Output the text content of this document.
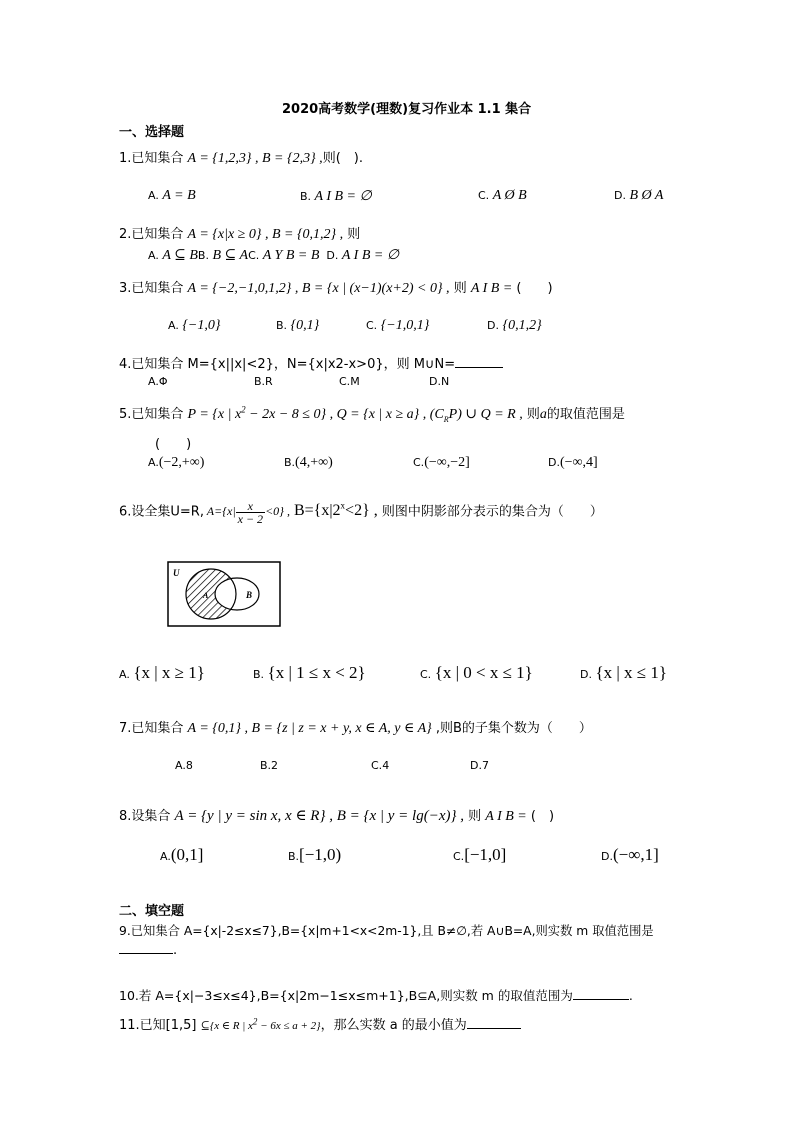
2020高考数学(理数)复习作业本 1.1 集合
一、选择题
1.已知集合 A = {1,2,3} , B = {2,3} ,则(　).
A. A = B	B. A I B = ∅	C. A Ø B	D. B Ø A
2.已知集合 A = {x|x ≥ 0} , B = {0,1,2} , 则
A. A ⊆ BB. B ⊆ AC. A Y B = B D. A I B = ∅
3.已知集合 A = {−2,−1,0,1,2} , B = {x | (x−1)(x+2) < 0} , 则 A I B = (　　)
A. {−1,0}	B. {0,1}	C. {−1,0,1}	D. {0,1,2}
4.已知集合 M={x||x|<2}，N={x|x2-x>0}，则 M∪N=
A.Φ	B.R	C.M	D.N
5.已知集合 P = {x | $x^2 - 2x - 8 \le 0$} , Q = {x | x ≥ a} , $(C_RP)$ ∪ Q = R , 则a的取值范围是
(　　)
A.(−2,+∞)	B.(4,+∞)	C.(−∞,−2]	D.(−∞,4]
6.设全集U=R, $A=\{x| \frac{x}{x - 2} <0\}$ , $B=\{x|2^x<2\}$ , 则图中阴影部分表示的集合为（　　）
U
A	B
A. {x | x ≥ 1}	B. {x | 1 ≤ x < 2}	C. {x | 0 < x ≤ 1}	D. {x | x ≤ 1}
7.已知集合 A = {0,1} , B = {z | z = x + y, x ∈ A, y ∈ A} ,则B的子集个数为（　　）
A.8	B.2	C.4	D.7
8.设集合 A = {y | y = sin x, x ∈ R} , B = {x | y = lg(−x)} , 则 A I B = (　)
A.(0,1]	B.[−1,0)	C.[−1,0]	D.(−∞,1]
二、填空题
9.已知集合 A={x|-2≤x≤7},B={x|m+1<x<2m-1},且 B≠∅,若 A∪B=A,则实数 m 取值范围是
.
10.若 A={x|−3≤x≤4},B={x|2m−1≤x≤m+1},B⊆A,则实数 m 的取值范围为	.
11.已知[1,5] ⊆{x ∈ R | $x^2 - 6x \le a + 2$}，那么实数 a 的最小值为
